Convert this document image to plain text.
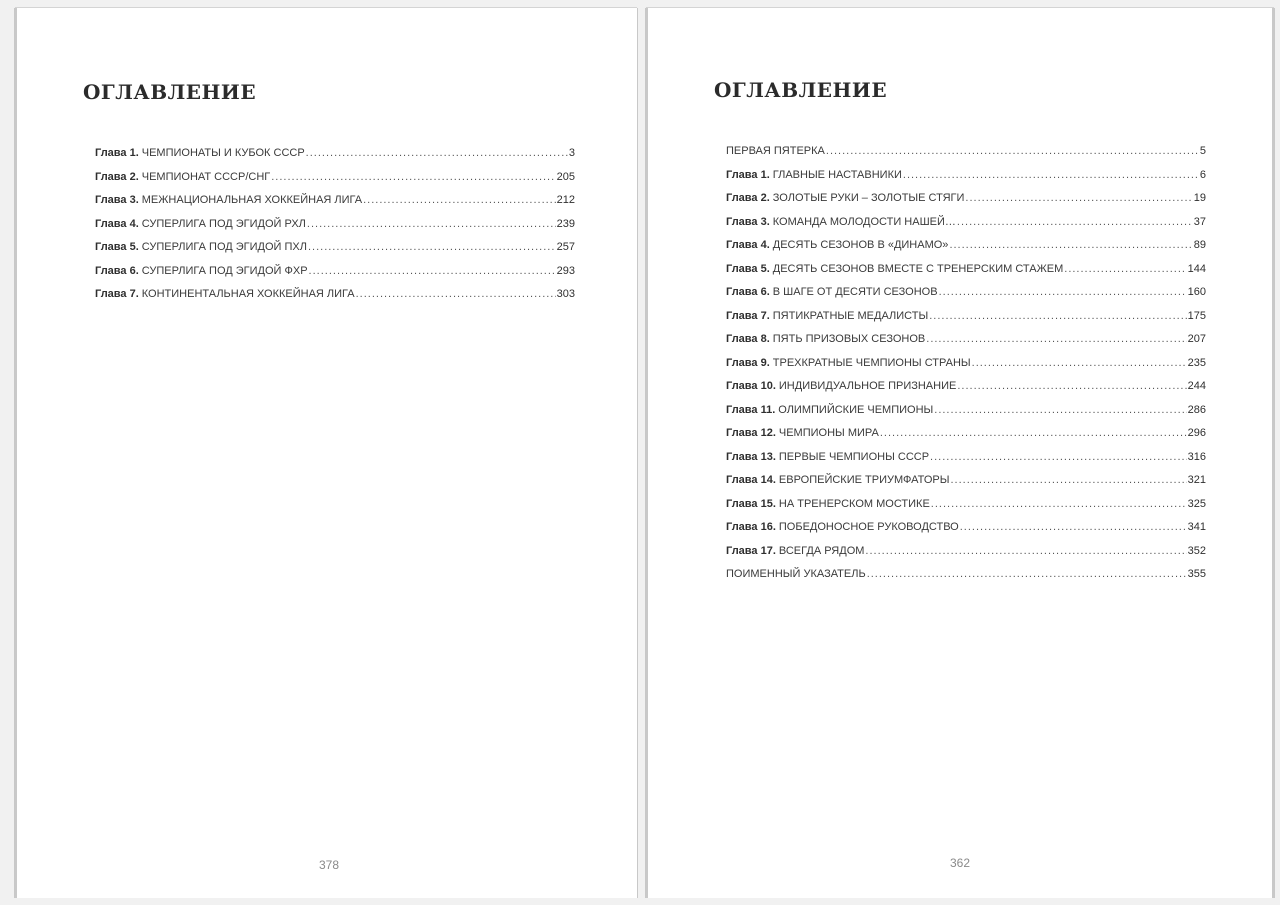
ОГЛАВЛЕНИЕ
Глава 1. ЧЕМПИОНАТЫ И КУБОК СССР .....	3
Глава 2. ЧЕМПИОНАТ СССР/СНГ .....	205
Глава 3. МЕЖНАЦИОНАЛЬНАЯ ХОККЕЙНАЯ ЛИГА .....	212
Глава 4. СУПЕРЛИГА ПОД ЭГИДОЙ РХЛ .....	239
Глава 5. СУПЕРЛИГА ПОД ЭГИДОЙ ПХЛ .....	257
Глава 6. СУПЕРЛИГА ПОД ЭГИДОЙ ФХР .....	293
Глава 7. КОНТИНЕНТАЛЬНАЯ ХОККЕЙНАЯ ЛИГА .....	303
378
ОГЛАВЛЕНИЕ
ПЕРВАЯ ПЯТЕРКА .....	5
Глава 1. ГЛАВНЫЕ НАСТАВНИКИ .....	6
Глава 2. ЗОЛОТЫЕ РУКИ – ЗОЛОТЫЕ СТЯГИ .....	19
Глава 3. КОМАНДА МОЛОДОСТИ НАШЕЙ… .....	37
Глава 4. ДЕСЯТЬ СЕЗОНОВ В «ДИНАМО» .....	89
Глава 5. ДЕСЯТЬ СЕЗОНОВ ВМЕСТЕ С ТРЕНЕРСКИМ СТАЖЕМ .....	144
Глава 6. В ШАГЕ ОТ ДЕСЯТИ СЕЗОНОВ .....	160
Глава 7. ПЯТИКРАТНЫЕ МЕДАЛИСТЫ .....	175
Глава 8. ПЯТЬ ПРИЗОВЫХ СЕЗОНОВ .....	207
Глава 9. ТРЕХКРАТНЫЕ ЧЕМПИОНЫ СТРАНЫ .....	235
Глава 10. ИНДИВИДУАЛЬНОЕ ПРИЗНАНИЕ .....	244
Глава 11. ОЛИМПИЙСКИЕ ЧЕМПИОНЫ .....	286
Глава 12. ЧЕМПИОНЫ МИРА .....	296
Глава 13. ПЕРВЫЕ ЧЕМПИОНЫ СССР .....	316
Глава 14. ЕВРОПЕЙСКИЕ ТРИУМФАТОРЫ .....	321
Глава 15. НА ТРЕНЕРСКОМ МОСТИКЕ .....	325
Глава 16. ПОБЕДОНОСНОЕ РУКОВОДСТВО .....	341
Глава 17. ВСЕГДА РЯДОМ .....	352
ПОИМЕННЫЙ УКАЗАТЕЛЬ .....	355
362
